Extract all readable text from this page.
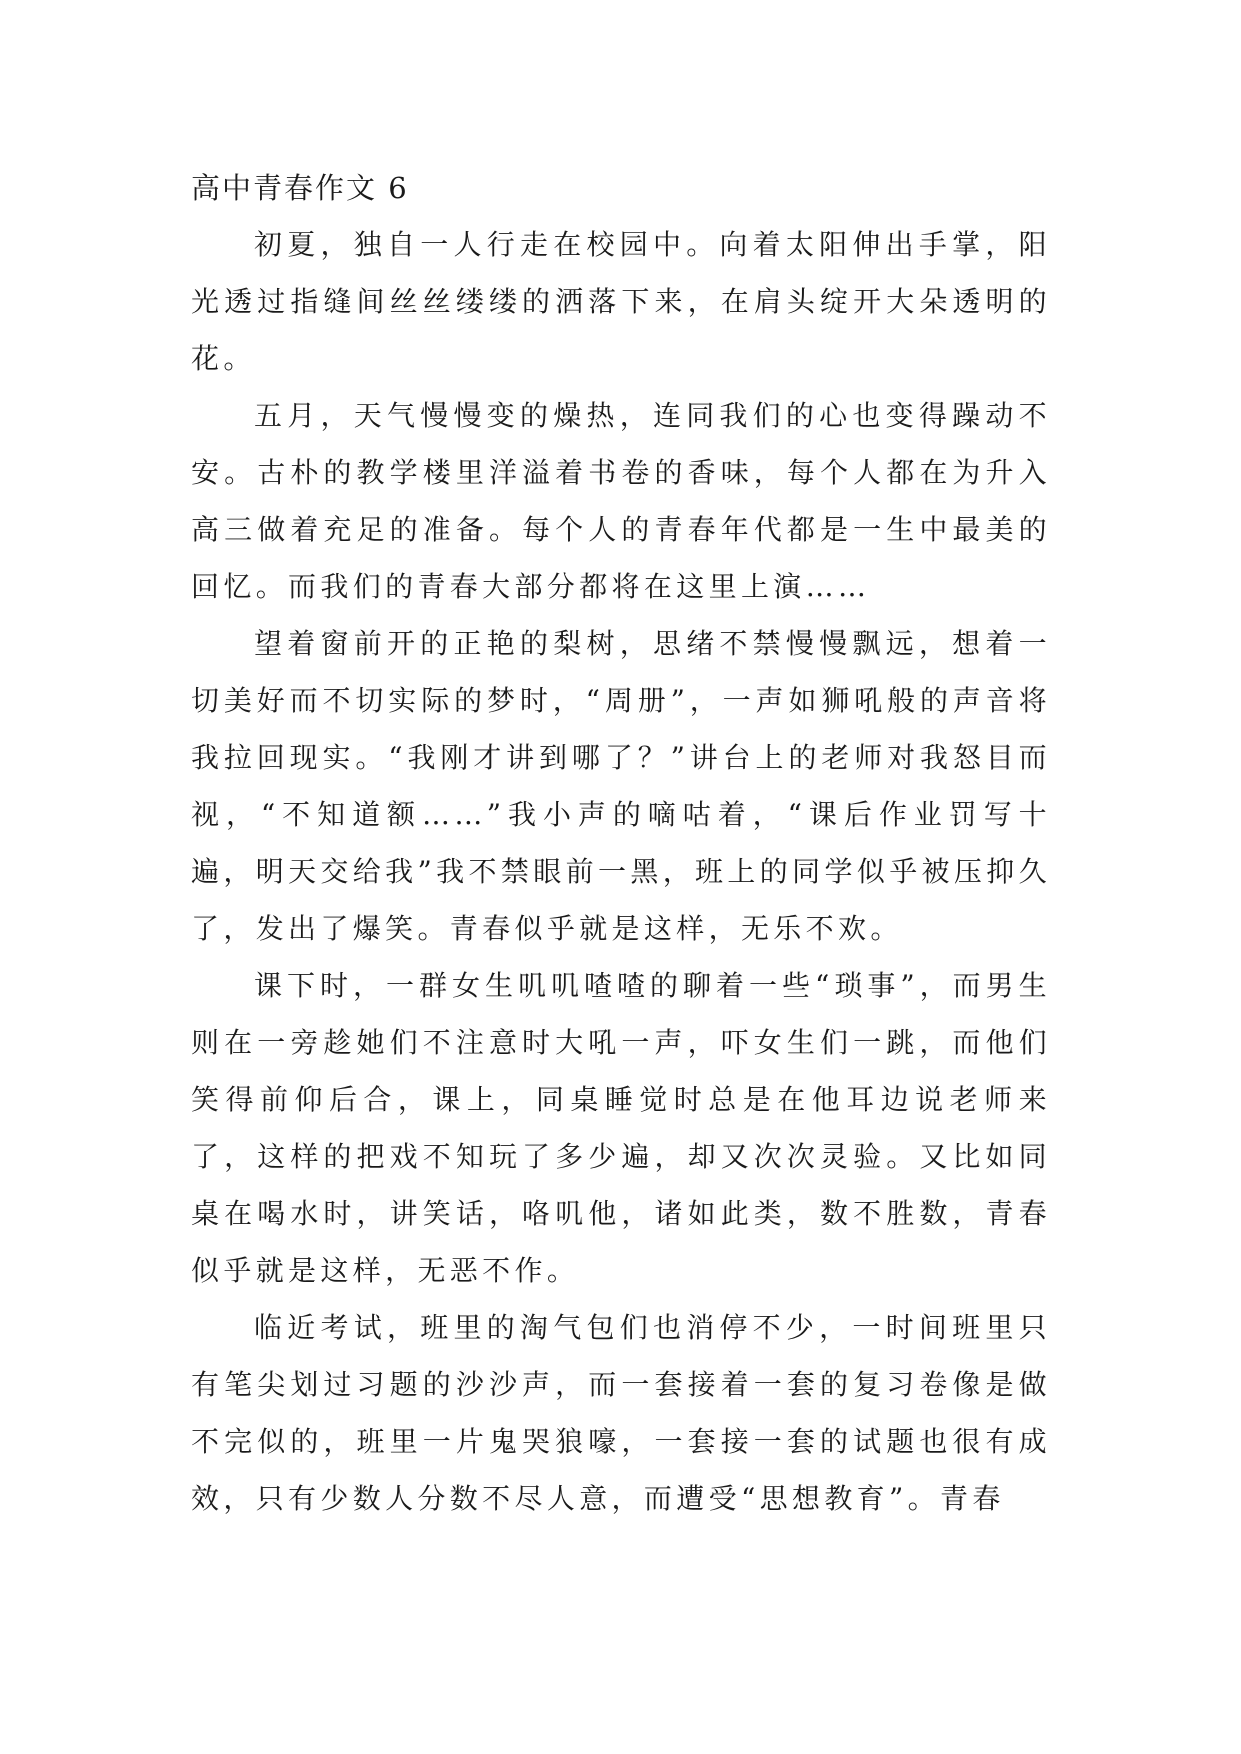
高中青春作文 6

初夏，独自一人行走在校园中。向着太阳伸出手掌，阳光透过指缝间丝丝缕缕的洒落下来，在肩头绽开大朵透明的花。

五月，天气慢慢变的燥热，连同我们的心也变得躁动不安。古朴的教学楼里洋溢着书卷的香味，每个人都在为升入高三做着充足的准备。每个人的青春年代都是一生中最美的回忆。而我们的青春大部分都将在这里上演……

望着窗前开的正艳的梨树，思绪不禁慢慢飘远，想着一切美好而不切实际的梦时，“周册”，一声如狮吼般的声音将我拉回现实。“我刚才讲到哪了？”讲台上的老师对我怒目而视，“不知道额……”我小声的嘀咕着，“课后作业罚写十遍，明天交给我”我不禁眼前一黑，班上的同学似乎被压抑久了，发出了爆笑。青春似乎就是这样，无乐不欢。

课下时，一群女生叽叽喳喳的聊着一些“琐事”，而男生则在一旁趁她们不注意时大吼一声，吓女生们一跳，而他们笑得前仰后合，课上，同桌睡觉时总是在他耳边说老师来了，这样的把戏不知玩了多少遍，却又次次灵验。又比如同桌在喝水时，讲笑话，咯叽他，诸如此类，数不胜数，青春似乎就是这样，无恶不作。

临近考试，班里的淘气包们也消停不少，一时间班里只有笔尖划过习题的沙沙声，而一套接着一套的复习卷像是做不完似的，班里一片鬼哭狼嚎，一套接一套的试题也很有成效，只有少数人分数不尽人意，而遭受“思想教育”。青春
